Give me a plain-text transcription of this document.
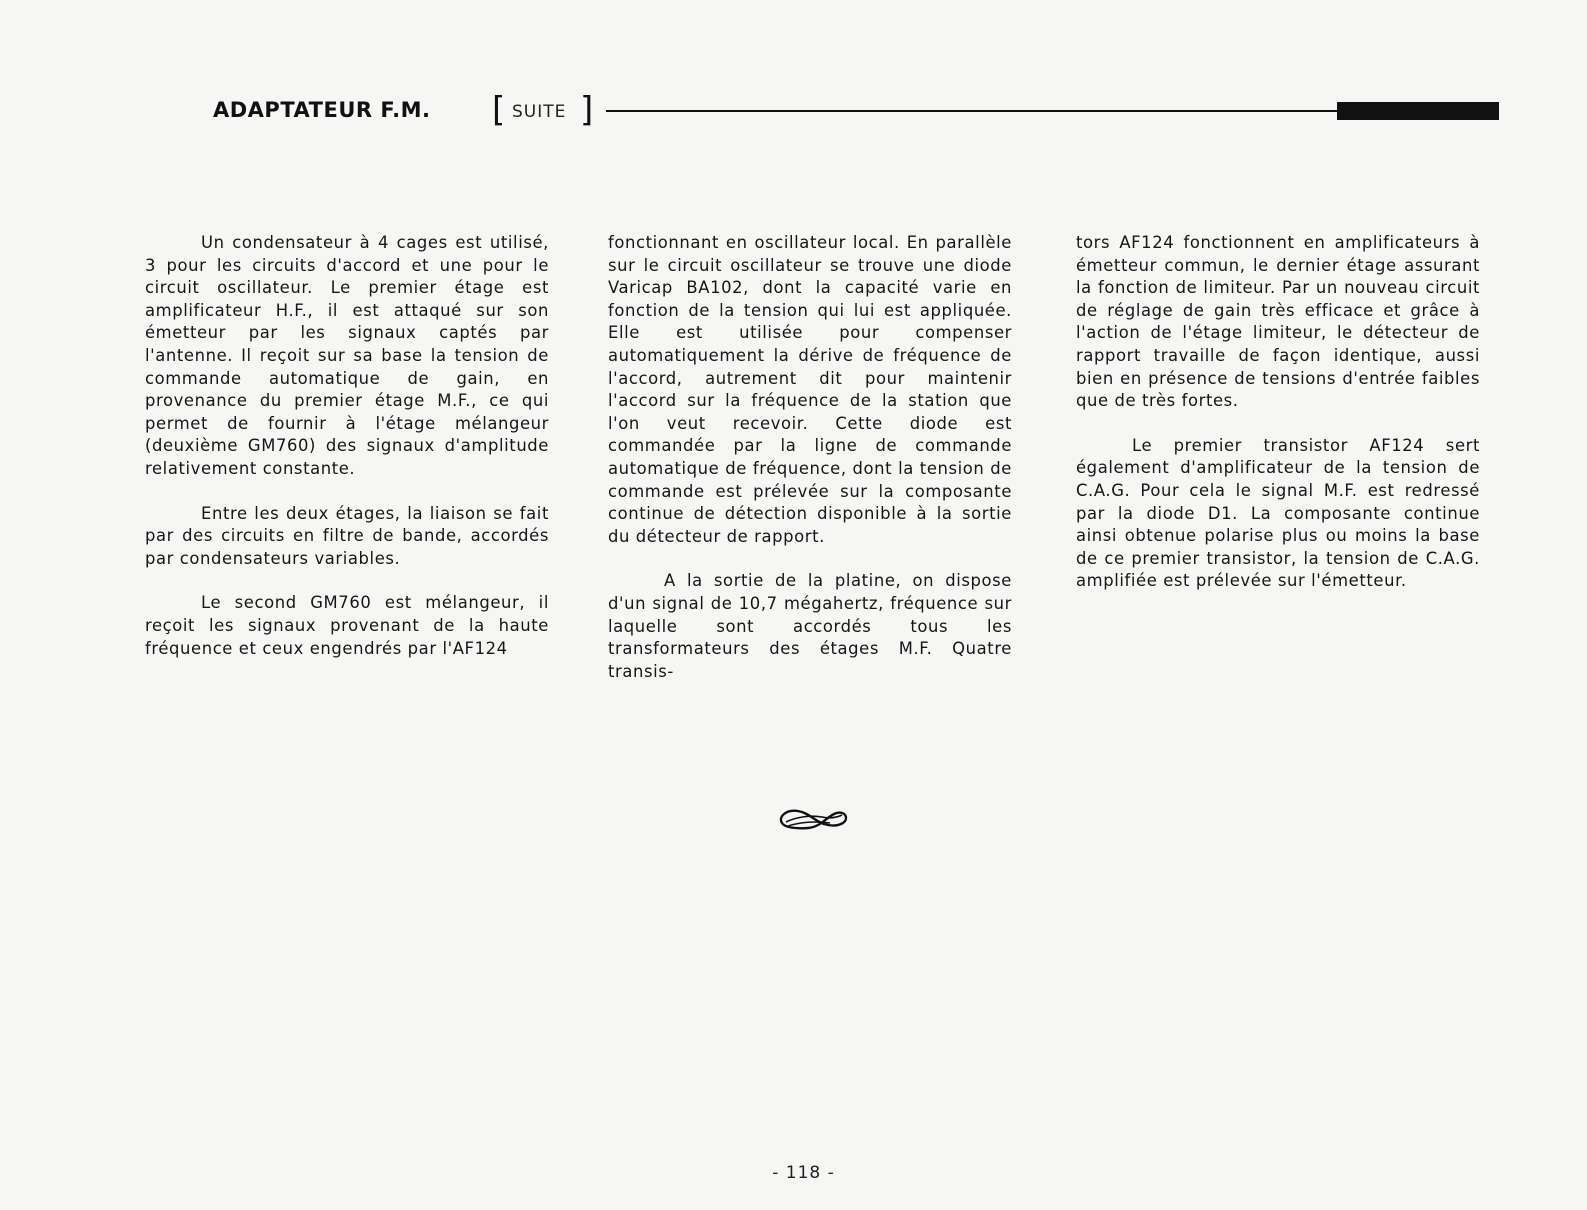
ADAPTATEUR F.M. [ SUITE ]

Un condensateur à 4 cages est utilisé, 3 pour les circuits d'accord et une pour le circuit oscillateur. Le premier étage est amplificateur H.F., il est attaqué sur son émetteur par les signaux captés par l'antenne. Il reçoit sur sa base la tension de commande automatique de gain, en provenance du premier étage M.F., ce qui permet de fournir à l'étage mélangeur (deuxième GM760) des signaux d'amplitude relativement constante.

Entre les deux étages, la liaison se fait par des circuits en filtre de bande, accordés par condensateurs variables.

Le second GM760 est mélangeur, il reçoit les signaux provenant de la haute fréquence et ceux engendrés par l'AF124

fonctionnant en oscillateur local. En parallèle sur le circuit oscillateur se trouve une diode Varicap BA102, dont la capacité varie en fonction de la tension qui lui est appliquée. Elle est utilisée pour compenser automatiquement la dérive de fréquence de l'accord, autrement dit pour maintenir l'accord sur la fréquence de la station que l'on veut recevoir. Cette diode est commandée par la ligne de commande automatique de fréquence, dont la tension de commande est prélevée sur la composante continue de détection disponible à la sortie du détecteur de rapport.

A la sortie de la platine, on dispose d'un signal de 10,7 mégahertz, fréquence sur laquelle sont accordés tous les transformateurs des étages M.F. Quatre transis-

tors AF124 fonctionnent en amplificateurs à émetteur commun, le dernier étage assurant la fonction de limiteur. Par un nouveau circuit de réglage de gain très efficace et grâce à l'action de l'étage limiteur, le détecteur de rapport travaille de façon identique, aussi bien en présence de tensions d'entrée faibles que de très fortes.

Le premier transistor AF124 sert également d'amplificateur de la tension de C.A.G. Pour cela le signal M.F. est redressé par la diode D1. La composante continue ainsi obtenue polarise plus ou moins la base de ce premier transistor, la tension de C.A.G. amplifiée est prélevée sur l'émetteur.

- 118 -
